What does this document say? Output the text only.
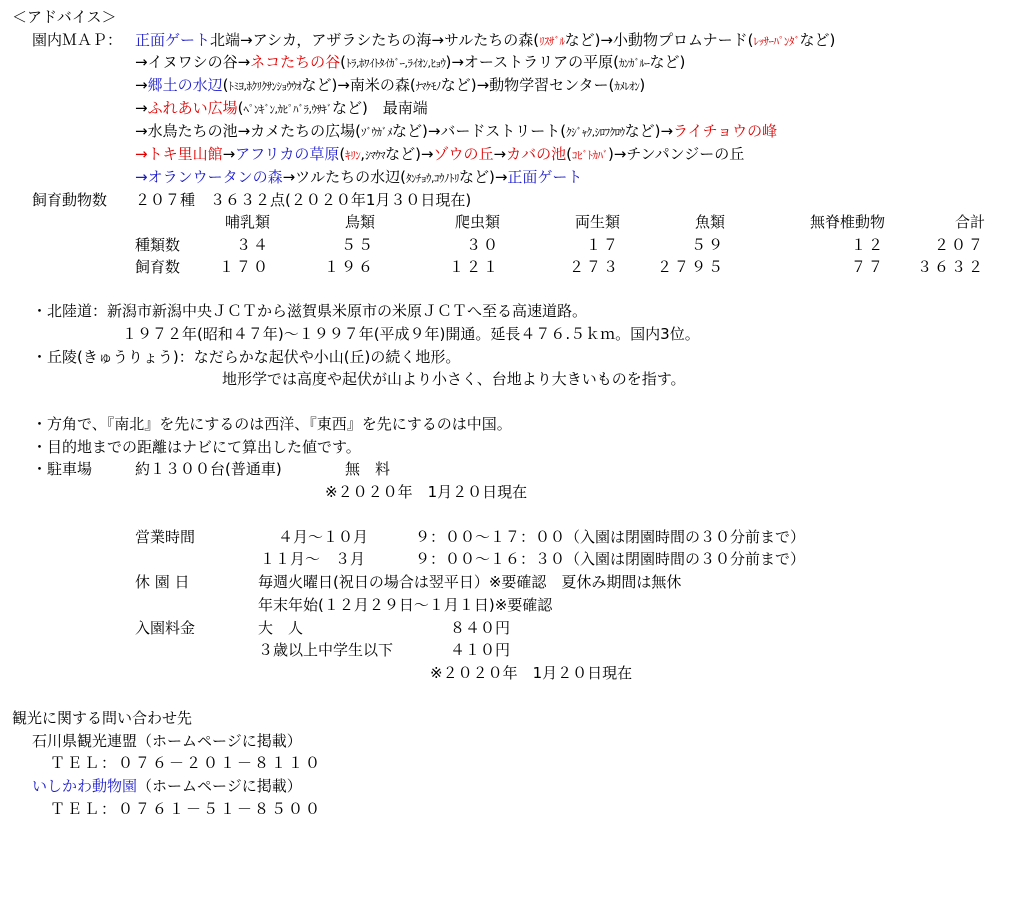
＜アドバイス＞
園内ＭＡＰ： 正面ゲート北端→アシカ，アザラシたちの海→サルたちの森(ﾘｽｻﾞﾙなど)→小動物プロムナード(ﾚｯｻｰﾊﾟﾝﾀﾞなど)
→イヌワシの谷→ネコたちの谷(ﾄﾗ,ﾎﾜｲﾄﾀｲｶﾞｰ,ﾗｲｵﾝ,ﾋｮｳ)→オーストラリアの平原(ｶﾝｶﾞﾙｰなど)
→郷土の水辺(ﾄﾐﾖ,ﾎｸﾘｸｻﾝｼｮｳｳｵなど)→南米の森(ﾅﾏｹﾓﾉなど)→動物学習センター(ｶﾒﾚｵﾝ)
→ふれあい広場(ﾍﾟﾝｷﾞﾝ,ｶﾋﾟﾊﾞﾗ,ｳｻｷﾞなど)　最南端
→水鳥たちの池→カメたちの広場(ｿﾞｳｶﾞﾒなど)→バードストリート(ｸｼﾞｬｸ,ｼﾛﾌｸﾛｳなど)→ライチョウの峰
→トキ里山館→アフリカの草原(ｷﾘﾝ,ｼﾏｳﾏなど)→ゾウの丘→カバの池(ｺﾋﾞﾄｶﾊﾞ)→チンパンジーの丘
→オランウータンの森→ツルたちの水辺(ﾀﾝﾁｮｳ,ｺｳﾉﾄﾘなど)→正面ゲート
飼育動物数 ２０７種　３６３２点(２０２０年1月３０日現在)
哺乳類	鳥類	爬虫類	両生類	魚類	無脊椎動物	合計
種類数	３４	５５	３０	１７	５９	１２	２０７
飼育数	１７０	１９６	１２１	２７３	２７９５	７７	３６３２
・北陸道：新潟市新潟中央ＪＣＴから滋賀県米原市の米原ＪＣＴへ至る高速道路。
１９７２年(昭和４７年)～１９９７年(平成９年)開通。延長４７６.５ｋｍ。国内3位。
・丘陵(きゅうりょう)：なだらかな起伏や小山(丘)の続く地形。
地形学では高度や起伏が山より小さく、台地より大きいものを指す。
・方角で、『南北』を先にするのは西洋、『東西』を先にするのは中国。
・目的地までの距離はナビにて算出した値です。
・駐車場	約１３００台(普通車)	無　料
※２０２０年　1月２０日現在
営業時間	４月～１０月	９：００～１７：００（入園は閉園時間の３０分前まで）
１１月～　３月	９：００～１６：３０（入園は閉園時間の３０分前まで）
休 園 日	毎週火曜日(祝日の場合は翌平日）※要確認　夏休み期間は無休
年末年始(１２月２９日～１月１日)※要確認
入園料金	大　人	８４０円
３歳以上中学生以下	４１０円
※２０２０年　1月２０日現在
観光に関する問い合わせ先
石川県観光連盟（ホームページに掲載）
ＴＥＬ：０７６－２０１－８１１０
いしかわ動物園（ホームページに掲載）
ＴＥＬ：０７６１－５１－８５００
